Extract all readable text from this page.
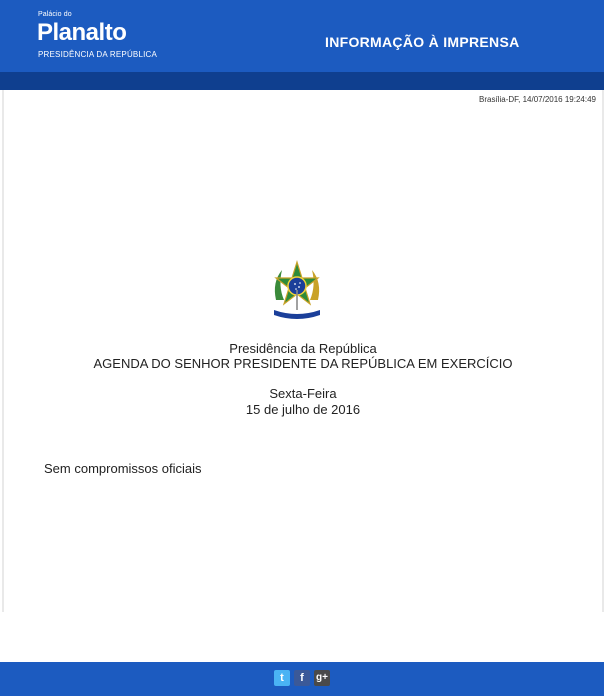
Palácio do
Planalto
PRESIDÊNCIA DA REPÚBLICA
INFORMAÇÃO À IMPRENSA
Brasília-DF, 14/07/2016 19:24:49
Presidência da República
AGENDA DO SENHOR PRESIDENTE DA REPÚBLICA EM EXERCÍCIO
Sexta-Feira
15 de julho de 2016
Sem compromissos oficiais
t	f	g+
